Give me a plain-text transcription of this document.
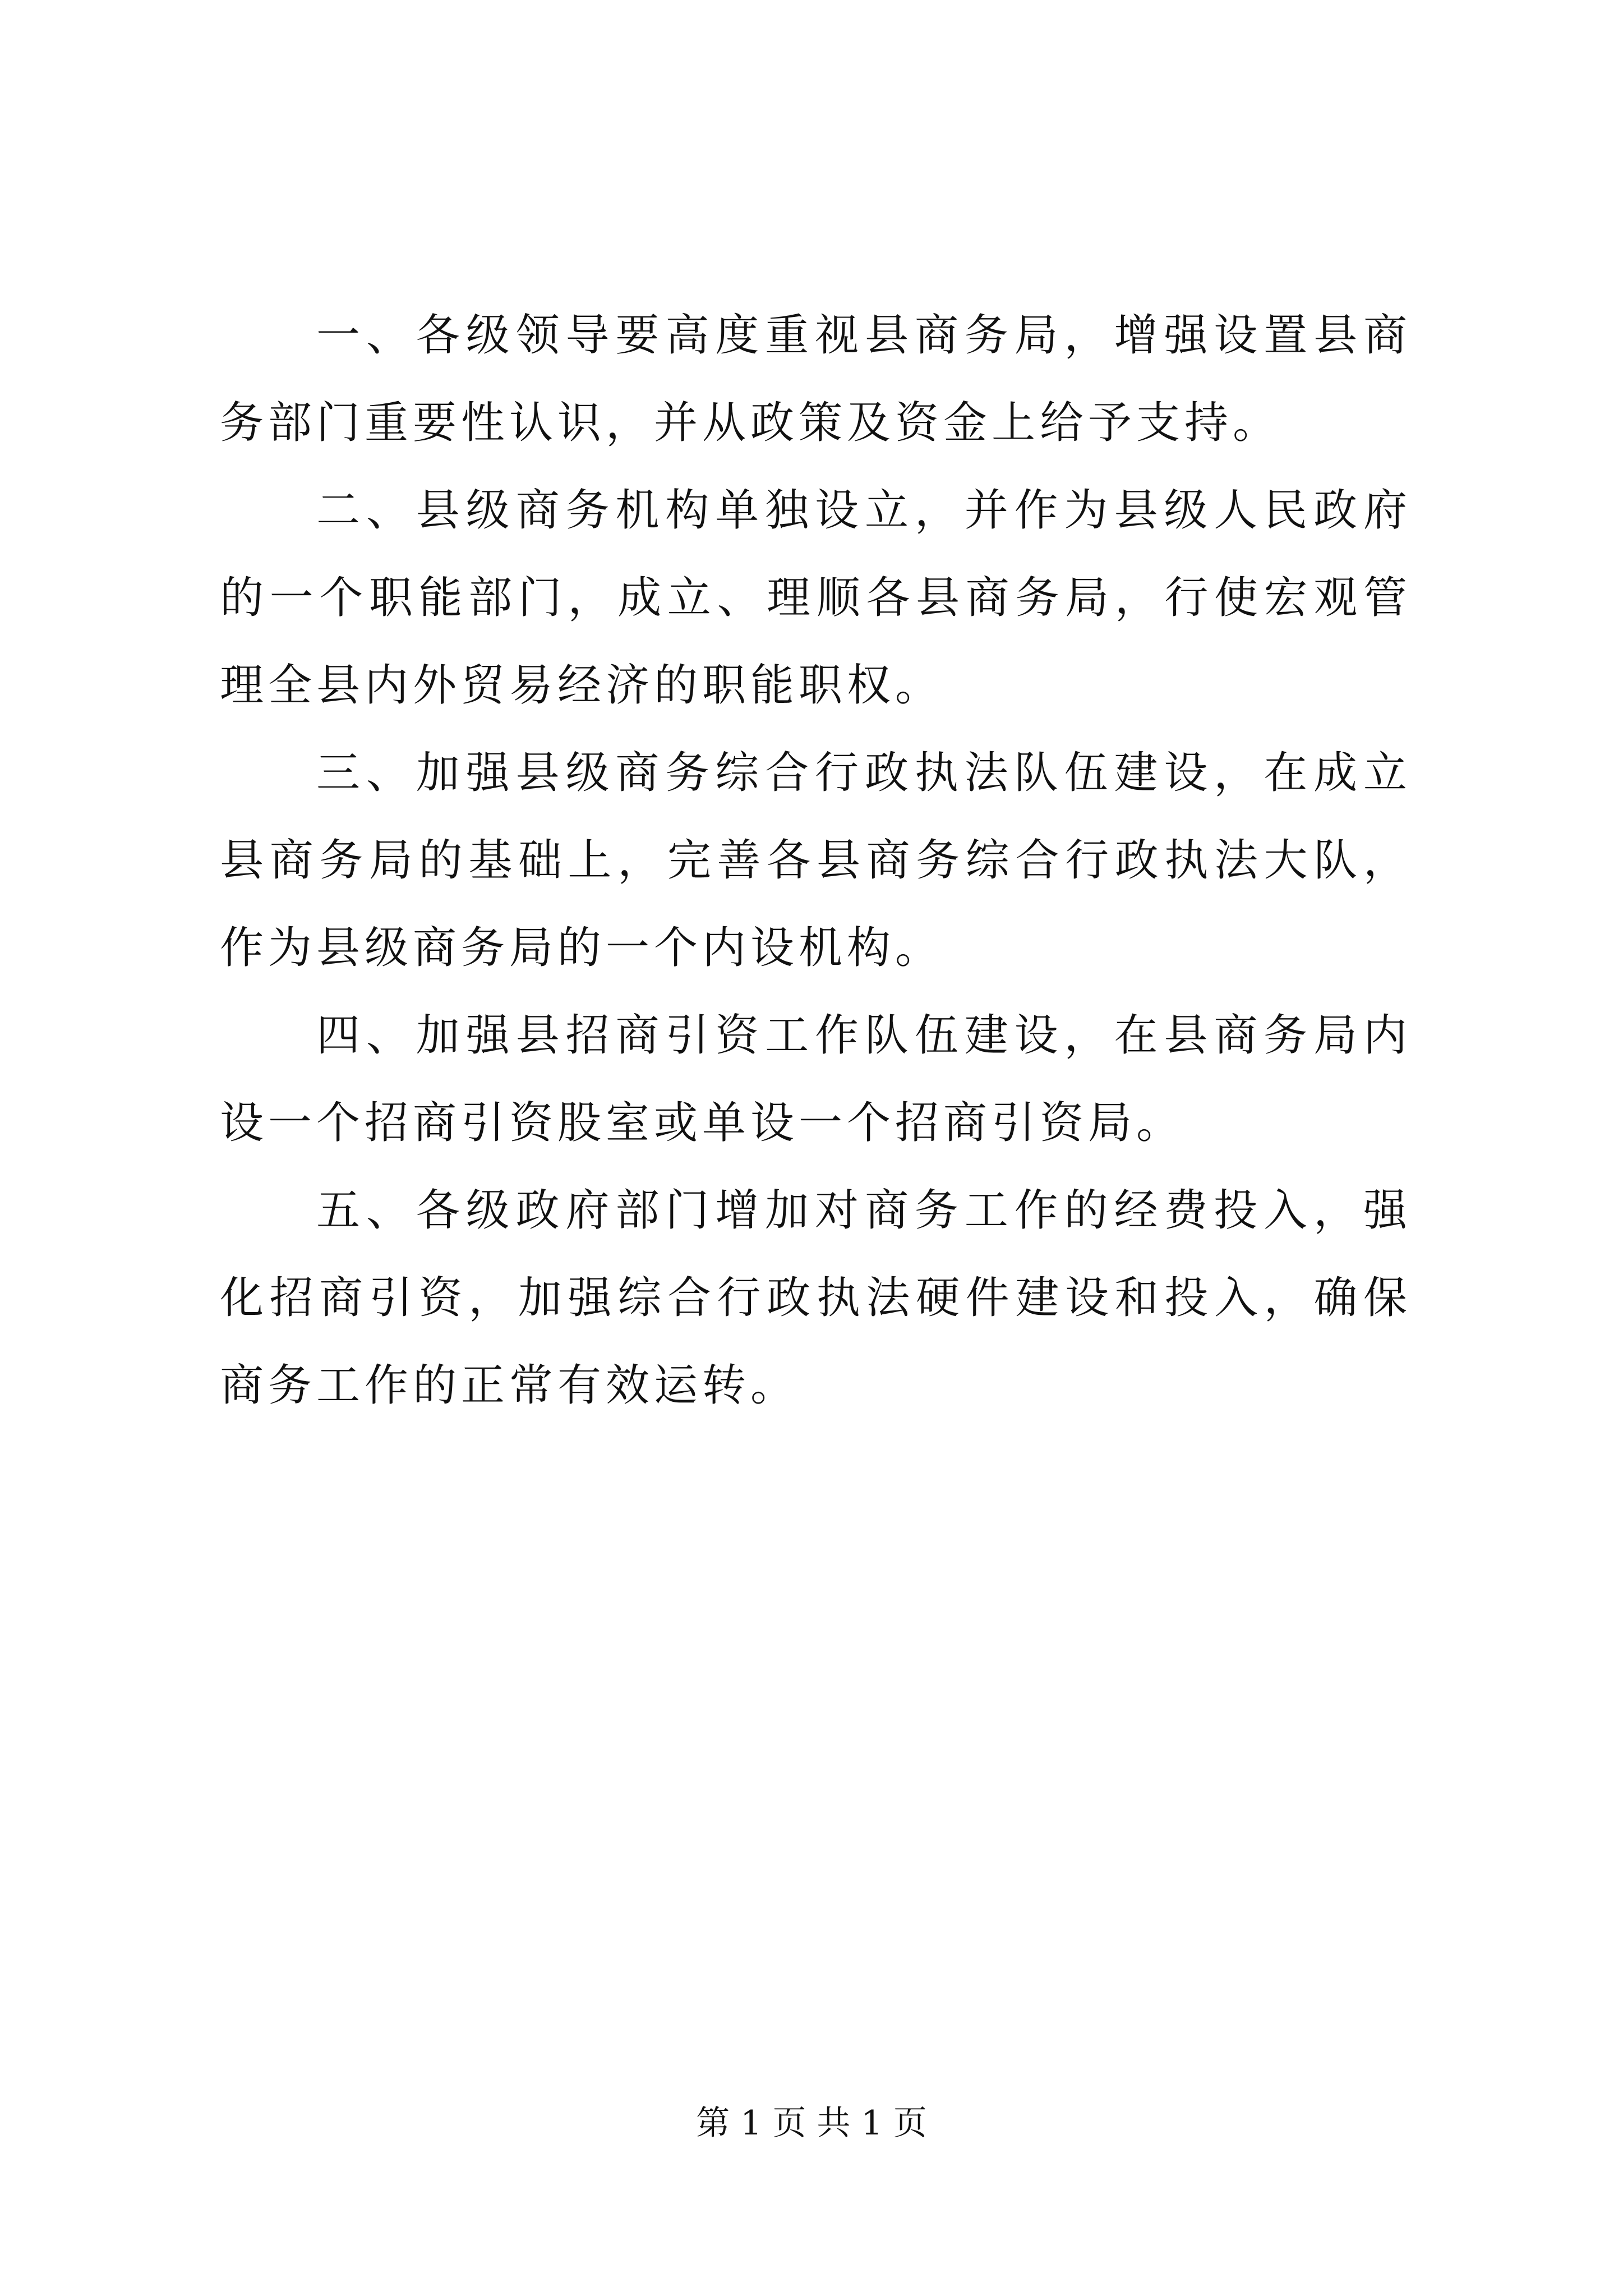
一、各级领导要高度重视县商务局，增强设置县商务部门重要性认识，并从政策及资金上给予支持。

二、县级商务机构单独设立，并作为县级人民政府的一个职能部门，成立、理顺各县商务局，行使宏观管理全县内外贸易经济的职能职权。

三、加强县级商务综合行政执法队伍建设，在成立县商务局的基础上，完善各县商务综合行政执法大队，作为县级商务局的一个内设机构。

四、加强县招商引资工作队伍建设，在县商务局内设一个招商引资股室或单设一个招商引资局。

五、各级政府部门增加对商务工作的经费投入，强化招商引资，加强综合行政执法硬件建设和投入，确保商务工作的正常有效运转。

第 1 页 共 1 页
